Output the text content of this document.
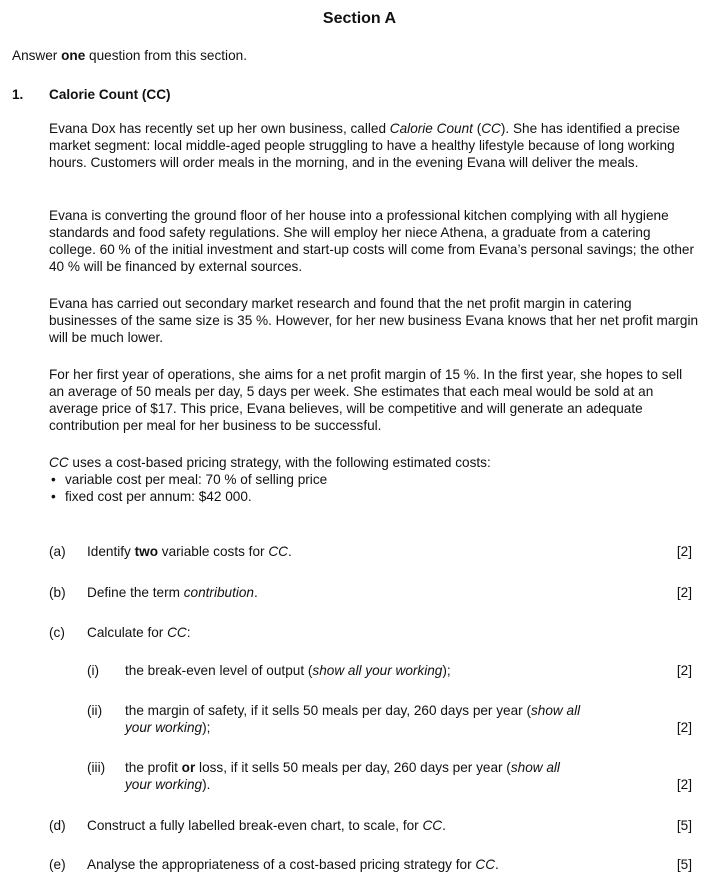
Section A
Answer one question from this section.
1. Calorie Count (CC)
Evana Dox has recently set up her own business, called Calorie Count (CC). She has identified a precise market segment: local middle-aged people struggling to have a healthy lifestyle because of long working hours. Customers will order meals in the morning, and in the evening Evana will deliver the meals.
Evana is converting the ground floor of her house into a professional kitchen complying with all hygiene standards and food safety regulations. She will employ her niece Athena, a graduate from a catering college. 60 % of the initial investment and start-up costs will come from Evana’s personal savings; the other 40 % will be financed by external sources.
Evana has carried out secondary market research and found that the net profit margin in catering businesses of the same size is 35 %. However, for her new business Evana knows that her net profit margin will be much lower.
For her first year of operations, she aims for a net profit margin of 15 %. In the first year, she hopes to sell an average of 50 meals per day, 5 days per week. She estimates that each meal would be sold at an average price of $17. This price, Evana believes, will be competitive and will generate an adequate contribution per meal for her business to be successful.
CC uses a cost-based pricing strategy, with the following estimated costs:
• variable cost per meal: 70 % of selling price
• fixed cost per annum: $42 000.
(a) Identify two variable costs for CC.	[2]
(b) Define the term contribution.	[2]
(c) Calculate for CC:
(i) the break-even level of output (show all your working);	[2]
(ii) the margin of safety, if it sells 50 meals per day, 260 days per year (show all
your working);	[2]
(iii) the profit or loss, if it sells 50 meals per day, 260 days per year (show all
your working).	[2]
(d) Construct a fully labelled break-even chart, to scale, for CC.	[5]
(e) Analyse the appropriateness of a cost-based pricing strategy for CC.	[5]
